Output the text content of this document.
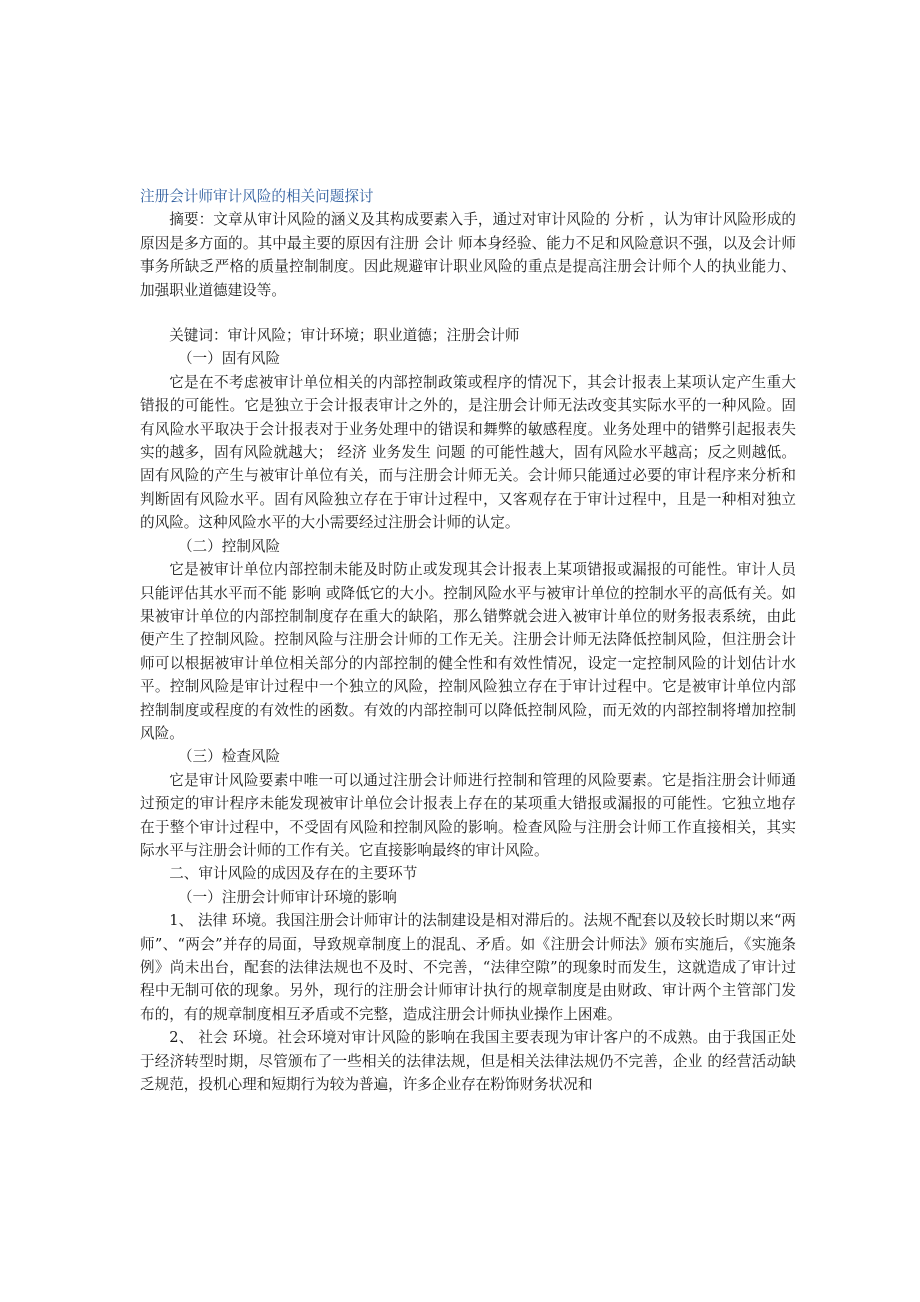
注册会计师审计风险的相关问题探讨

摘要：文章从审计风险的涵义及其构成要素入手，通过对审计风险的 分析 ，认为审计风险形成的原因是多方面的。其中最主要的原因有注册 会计 师本身经验、能力不足和风险意识不强，以及会计师事务所缺乏严格的质量控制制度。因此规避审计职业风险的重点是提高注册会计师个人的执业能力、加强职业道德建设等。

关键词：审计风险；审计环境；职业道德；注册会计师

（一）固有风险

它是在不考虑被审计单位相关的内部控制政策或程序的情况下，其会计报表上某项认定产生重大错报的可能性。它是独立于会计报表审计之外的，是注册会计师无法改变其实际水平的一种风险。固有风险水平取决于会计报表对于业务处理中的错误和舞弊的敏感程度。业务处理中的错弊引起报表失实的越多，固有风险就越大； 经济 业务发生 问题 的可能性越大，固有风险水平越高；反之则越低。固有风险的产生与被审计单位有关，而与注册会计师无关。会计师只能通过必要的审计程序来分析和判断固有风险水平。固有风险独立存在于审计过程中，又客观存在于审计过程中，且是一种相对独立的风险。这种风险水平的大小需要经过注册会计师的认定。

（二）控制风险

它是被审计单位内部控制未能及时防止或发现其会计报表上某项错报或漏报的可能性。审计人员只能评估其水平而不能 影响 或降低它的大小。控制风险水平与被审计单位的控制水平的高低有关。如果被审计单位的内部控制制度存在重大的缺陷，那么错弊就会进入被审计单位的财务报表系统，由此便产生了控制风险。控制风险与注册会计师的工作无关。注册会计师无法降低控制风险，但注册会计师可以根据被审计单位相关部分的内部控制的健全性和有效性情况，设定一定控制风险的计划估计水平。控制风险是审计过程中一个独立的风险，控制风险独立存在于审计过程中。它是被审计单位内部控制制度或程度的有效性的函数。有效的内部控制可以降低控制风险，而无效的内部控制将增加控制风险。

（三）检查风险

它是审计风险要素中唯一可以通过注册会计师进行控制和管理的风险要素。它是指注册会计师通过预定的审计程序未能发现被审计单位会计报表上存在的某项重大错报或漏报的可能性。它独立地存在于整个审计过程中，不受固有风险和控制风险的影响。检查风险与注册会计师工作直接相关，其实际水平与注册会计师的工作有关。它直接影响最终的审计风险。

二、审计风险的成因及存在的主要环节

（一）注册会计师审计环境的影响

1、 法律 环境。我国注册会计师审计的法制建设是相对滞后的。法规不配套以及较长时期以来“两师”、“两会”并存的局面，导致规章制度上的混乱、矛盾。如《注册会计师法》颁布实施后，《实施条例》尚未出台，配套的法律法规也不及时、不完善，“法律空隙”的现象时而发生，这就造成了审计过程中无制可依的现象。另外，现行的注册会计师审计执行的规章制度是由财政、审计两个主管部门发布的，有的规章制度相互矛盾或不完整，造成注册会计师执业操作上困难。

2、 社会 环境。社会环境对审计风险的影响在我国主要表现为审计客户的不成熟。由于我国正处于经济转型时期，尽管颁布了一些相关的法律法规，但是相关法律法规仍不完善，企业 的经营活动缺乏规范，投机心理和短期行为较为普遍，许多企业存在粉饰财务状况和
